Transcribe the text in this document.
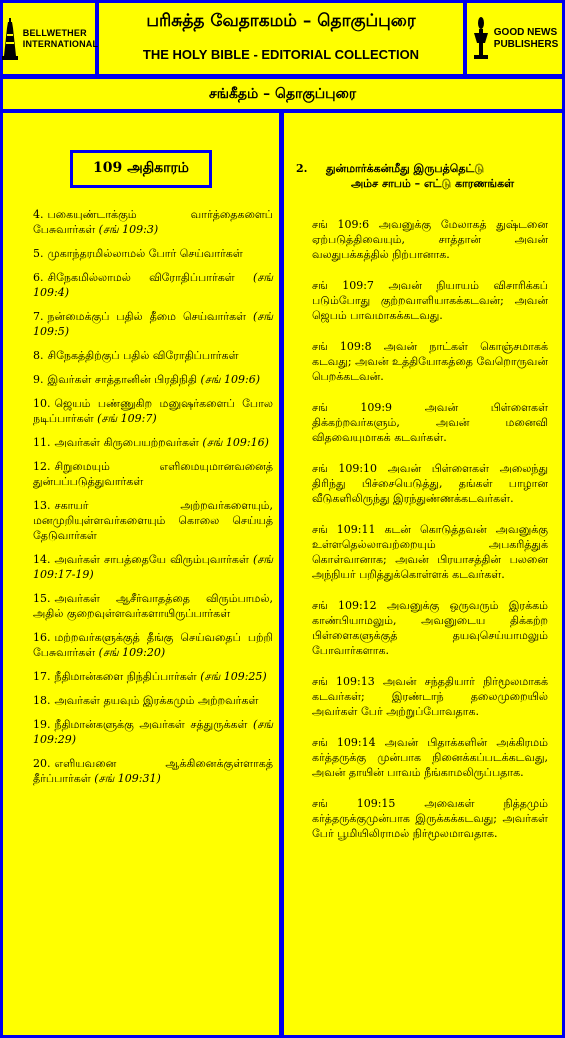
BELLWETHER
INTERNATIONAL
பரிசுத்த வேதாகமம் – தொகுப்புரை
THE HOLY BIBLE - EDITORIAL COLLECTION
GOOD NEWS
PUBLISHERS
சங்கீதம் – தொகுப்புரை
109 அதிகாரம்
4. பகையுண்டாக்கும் வார்த்தைகளைப் பேசுவார்கள் (சங் 109:3)
5. முகாந்தரமில்லாமல் போர் செய்வார்கள்
6. சிநேகமில்லாமல் விரோதிப்பார்கள் (சங் 109:4)
7. நன்மைக்குப் பதில் தீமை செய்வார்கள் (சங் 109:5)
8. சிநேகத்திற்குப் பதில் விரோதிப்பார்கள்
9. இவர்கள் சாத்தானின் பிரதிநிதி (சங் 109:6)
10. ஜெயம் பண்ணுகிற மனுஷர்களைப் போல நடிப்பார்கள் (சங் 109:7)
11. அவர்கள் கிருபையற்றவர்கள் (சங் 109:16)
12. சிறுமையும் எளிமையுமானவனைத் துன்பப்படுத்துவார்கள்
13. சகாயர் அற்றவர்களையும், மனமுறியுள்ளவர்களையும் கொலை செய்யத் தேடுவார்கள்
14. அவர்கள் சாபத்தையே விரும்புவார்கள் (சங் 109:17-19)
15. அவர்கள் ஆசீர்வாதத்தை விரும்பாமல், அதில் குறைவுள்ளவர்களாயிருப்பார்கள்
16. மற்றவர்களுக்குத் தீங்கு செய்வதைப் பற்றி பேசுவார்கள் (சங் 109:20)
17. நீதிமான்களை நிந்திப்பார்கள் (சங் 109:25)
18. அவர்கள் தயவும் இரக்கமும் அற்றவர்கள்
19. நீதிமான்களுக்கு அவர்கள் சத்துருக்கள் (சங் 109:29)
20. எளியவனை ஆக்கினைக்குள்ளாகத் தீர்ப்பார்கள் (சங் 109:31)
2. துன்மார்க்கன்மீது இருபத்தெட்டு
அம்ச சாபம் – எட்டு காரணங்கள்
சங் 109:6 அவனுக்கு மேலாகத் துஷ்டனை ஏற்படுத்திவையும், சாத்தான் அவன் வலதுபக்கத்தில் நிற்பானாக.
சங் 109:7 அவன் நியாயம் விசாரிக்கப் படும்போது குற்றவாளியாகக்கடவன்; அவன் ஜெபம் பாவமாகக்கடவது.
சங் 109:8 அவன் நாட்கள் கொஞ்சமாகக் கடவது; அவன் உத்தியோகத்தை வேறொருவன் பெறக்கடவன்.
சங் 109:9	அவன் பிள்ளைகள் திக்கற்றவர்களும், அவன் மனைவி விதவையுமாகக் கடவர்கள்.
சங் 109:10 அவன் பிள்ளைகள் அலைந்து திரிந்து பிச்சையெடுத்து, தங்கள் பாழான வீடுகளிலிருந்து இரந்துண்ணக்கடவர்கள்.
சங் 109:11 கடன் கொடுத்தவன் அவனுக்கு உள்ளதெல்லாவற்றையும் அபகரித்துக் கொள்வானாக; அவன் பிரயாசத்தின் பலனை அந்நியர் பறித்துக்கொள்ளக் கடவர்கள்.
சங் 109:12 அவனுக்கு ஒருவரும் இரக்கம் காண்பியாமலும், அவனுடைய திக்கற்ற பிள்ளைகளுக்குத் தயவுசெய்யாமலும் போவார்களாக.
சங் 109:13 அவன் சந்ததியார் நிர்மூலமாகக் கடவர்கள்; இரண்டாந் தலைமுறையில் அவர்கள் பேர் அற்றுப்போவதாக.
சங் 109:14 அவன் பிதாக்களின் அக்கிரமம் கர்த்தருக்கு முன்பாக நினைக்கப்படக்கடவது, அவன் தாயின் பாவம் நீங்காமலிருப்பதாக.
சங் 109:15	அவைகள் நித்தமும் கர்த்தருக்குமுன்பாக இருக்கக்கடவது; அவர்கள் பேர் பூமியிலிராமல் நிர்மூலமாவதாக.
